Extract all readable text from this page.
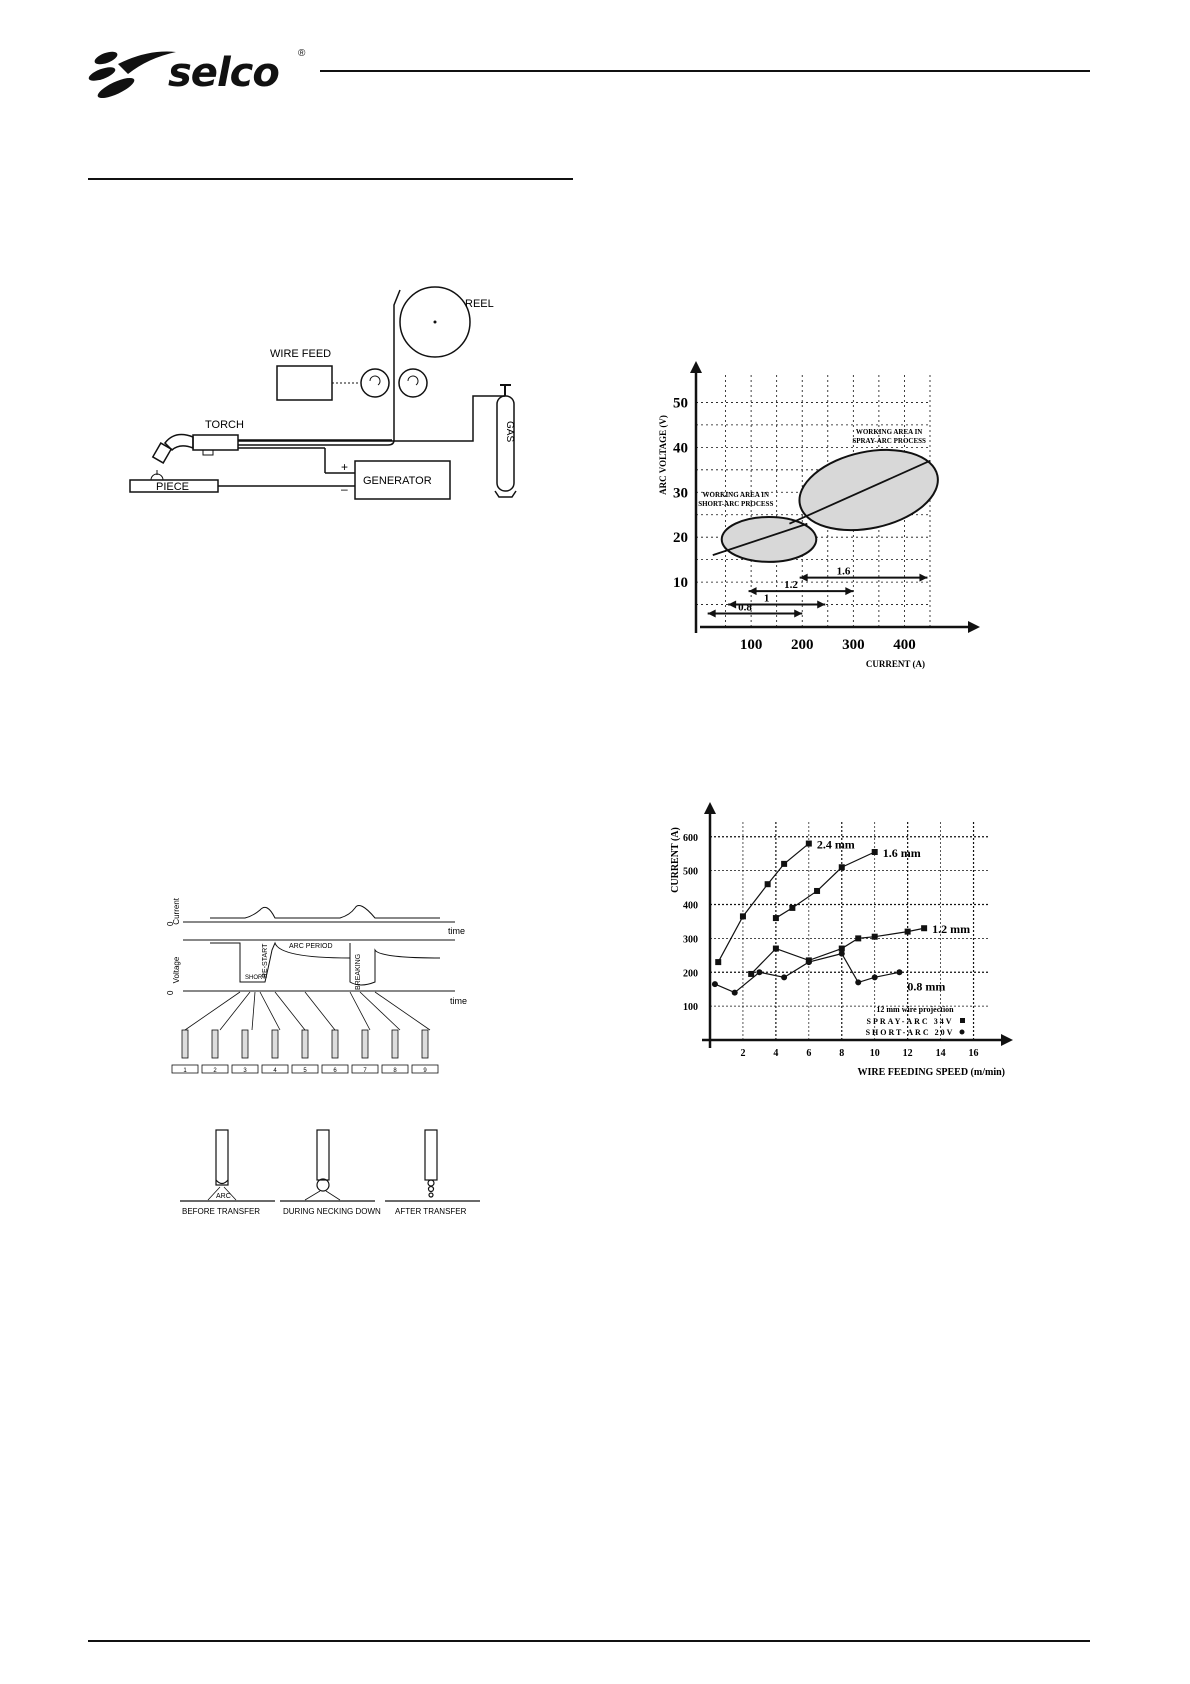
selco ®
REEL
WIRE FEED
TORCH
PIECE
+
–
GENERATOR
GAS
Current
0
time
Voltage
0
RE-START	ARC PERIOD
SHORT	BREAKING
time
1	2	3	4	5	6	7	8	9
ARC
BEFORE TRANSFER	DURING NECKING DOWN AFTER TRANSFER
10
20
30
40
50
100 200 300 400
CURRENT (A)
ARC VOLTAGE (V)	WORKING AREA IN
SHORT-ARC PROCESS
WORKING AREA IN
SPRAY-ARC PROCESS
0.8
1
1.2
1.6
100
200
300
400
500
600
2	4	6	8	10 12 14 16
WIRE FEEDING SPEED (m/min)
CURRENT (A)	2.4 mm
1.6 mm
1.2 mm
0.8 mm
12 mm wire projection
SPRAY-ARC 34V
SHORT-ARC 20V
